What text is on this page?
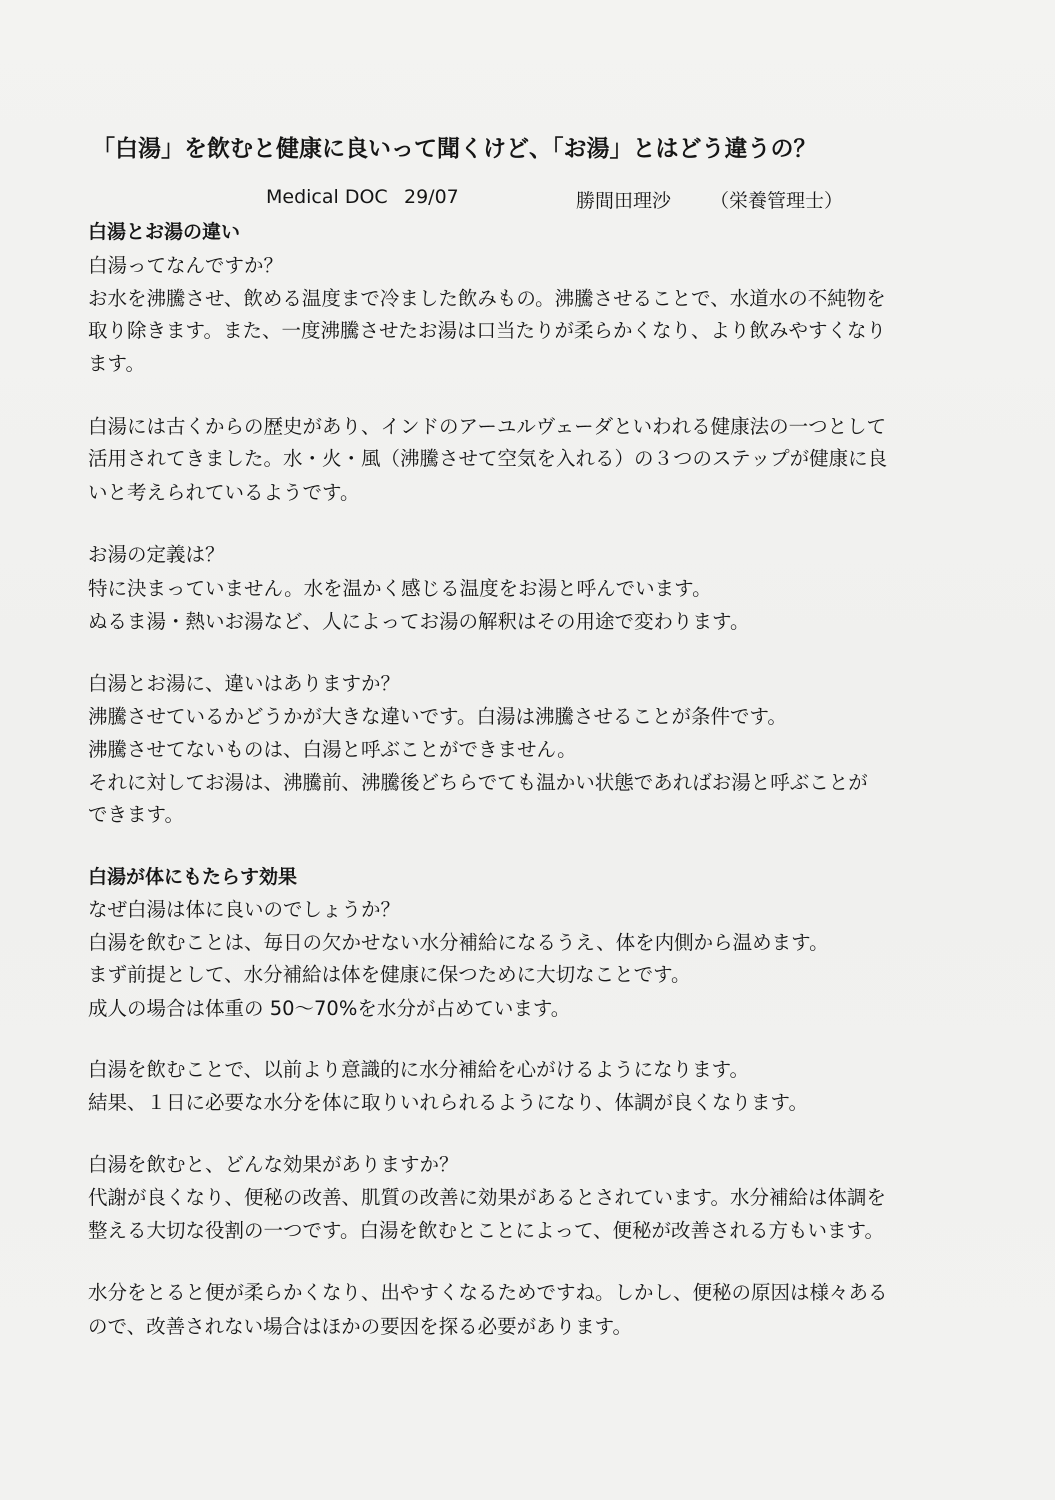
「白湯」を飲むと健康に良いって聞くけど、「お湯」とはどう違うの？
Medical DOC 29/07	勝間田理沙 （栄養管理士）
白湯とお湯の違い
白湯ってなんですか？
お水を沸騰させ、飲める温度まで冷ました飲みもの。沸騰させることで、水道水の不純物を
取り除きます。また、一度沸騰させたお湯は口当たりが柔らかくなり、より飲みやすくなり
ます。
白湯には古くからの歴史があり、インドのアーユルヴェーダといわれる健康法の一つとして
活用されてきました。水・火・風（沸騰させて空気を入れる）の３つのステップが健康に良
いと考えられているようです。
お湯の定義は？
特に決まっていません。水を温かく感じる温度をお湯と呼んでいます。
ぬるま湯・熱いお湯など、人によってお湯の解釈はその用途で変わります。
白湯とお湯に、違いはありますか？
沸騰させているかどうかが大きな違いです。白湯は沸騰させることが条件です。
沸騰させてないものは、白湯と呼ぶことができません。
それに対してお湯は、沸騰前、沸騰後どちらでても温かい状態であればお湯と呼ぶことが
できます。
白湯が体にもたらす効果
なぜ白湯は体に良いのでしょうか？
白湯を飲むことは、毎日の欠かせない水分補給になるうえ、体を内側から温めます。
まず前提として、水分補給は体を健康に保つために大切なことです。
成人の場合は体重の 50～70%を水分が占めています。
白湯を飲むことで、以前より意識的に水分補給を心がけるようになります。
結果、１日に必要な水分を体に取りいれられるようになり、体調が良くなります。
白湯を飲むと、どんな効果がありますか？
代謝が良くなり、便秘の改善、肌質の改善に効果があるとされています。水分補給は体調を
整える大切な役割の一つです。白湯を飲むとことによって、便秘が改善される方もいます。
水分をとると便が柔らかくなり、出やすくなるためですね。しかし、便秘の原因は様々ある
ので、改善されない場合はほかの要因を探る必要があります。
